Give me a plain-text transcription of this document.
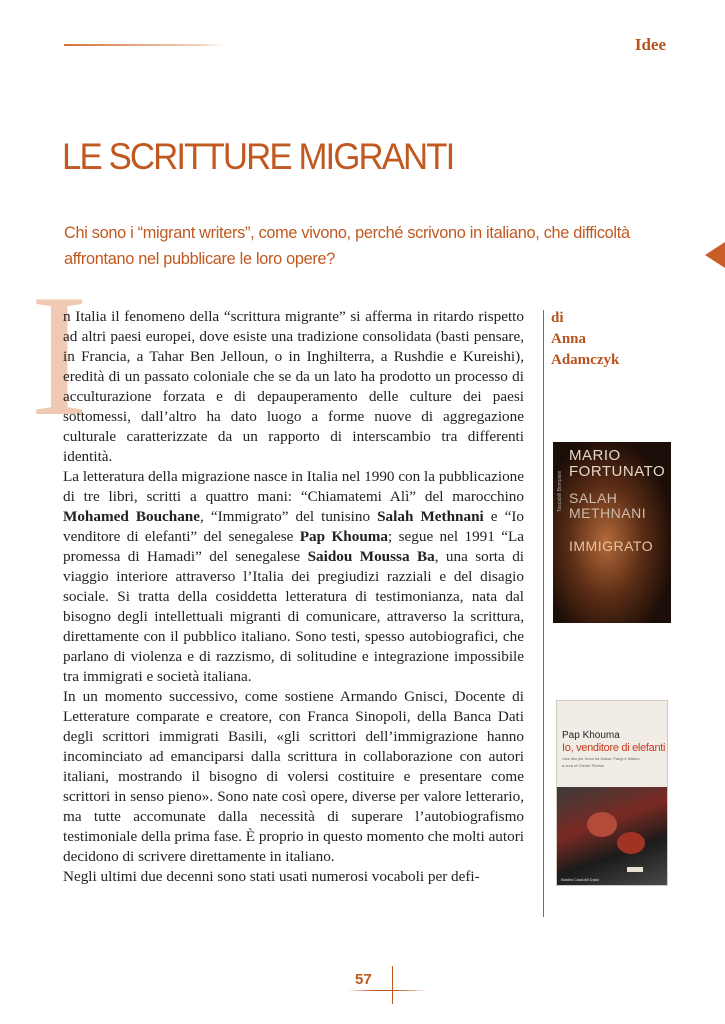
Idee
LE SCRITTURE MIGRANTI

Chi sono i “migrant writers”, come vivono, perché scrivono in italiano, che difficoltà affrontano nel pubblicare le loro opere?

I

n Italia il fenomeno della “scrittura migrante” si afferma in ritardo rispetto ad altri paesi europei, dove esiste una tradizione consolidata (basti pensare, in Francia, a Tahar Ben Jelloun, o in Inghilterra, a Rushdie e Kureishi), eredità di un passato coloniale che se da un lato ha prodotto un processo di acculturazione forzata e di depauperamento delle culture dei paesi sottomessi, dall’altro ha dato luogo a forme nuove di aggregazione culturale caratterizzate da un rapporto di interscambio tra differenti identità.

La letteratura della migrazione nasce in Italia nel 1990 con la pubblicazione di tre libri, scritti a quattro mani: “Chiamatemi Alì” del marocchino Mohamed Bouchane, “Immigrato” del tunisino Salah Methnani e “Io venditore di elefanti” del senegalese Pap Khouma; segue nel 1991 “La promessa di Hamadi” del senegalese Saidou Moussa Ba, una sorta di viaggio interiore attraverso l’Italia dei pregiudizi razziali e del disagio sociale. Si tratta della cosiddetta letteratura di testimonianza, nata dal bisogno degli intellettuali migranti di comunicare, attraverso la scrittura, direttamente con il pubblico italiano. Sono testi, spesso autobiografici, che parlano di violenza e di razzismo, di solitudine e integrazione impossibile tra immigrati e società italiana.

In un momento successivo, come sostiene Armando Gnisci, Docente di Letterature comparate e creatore, con Franca Sinopoli, della Banca Dati degli scrittori immigrati Basili, «gli scrittori dell’immigrazione hanno incominciato ad emanciparsi dalla scrittura in collaborazione con autori italiani, mostrando il bisogno di volersi costituire e presentare come scrittori in senso pieno». Sono nate così opere, diverse per valore letterario, ma tutte accomunate dalla necessità di superare l’autobiografismo testimoniale della prima fase. È proprio in questo momento che molti autori decidono di scrivere direttamente in italiano.

Negli ultimi due decenni sono stati usati numerosi vocaboli per defi-

di
Anna
Adamczyk
MARIO
FORTUNATO
SALAH
METHNANI
IMMIGRATO
Tascabili Bompiani
Pap Khouma
Io, venditore di elefanti
Una vita per forza fra Dakar, Parigi e Milano
a cura di Oreste Pivetta
Baldini Castoldi Dalai
57
